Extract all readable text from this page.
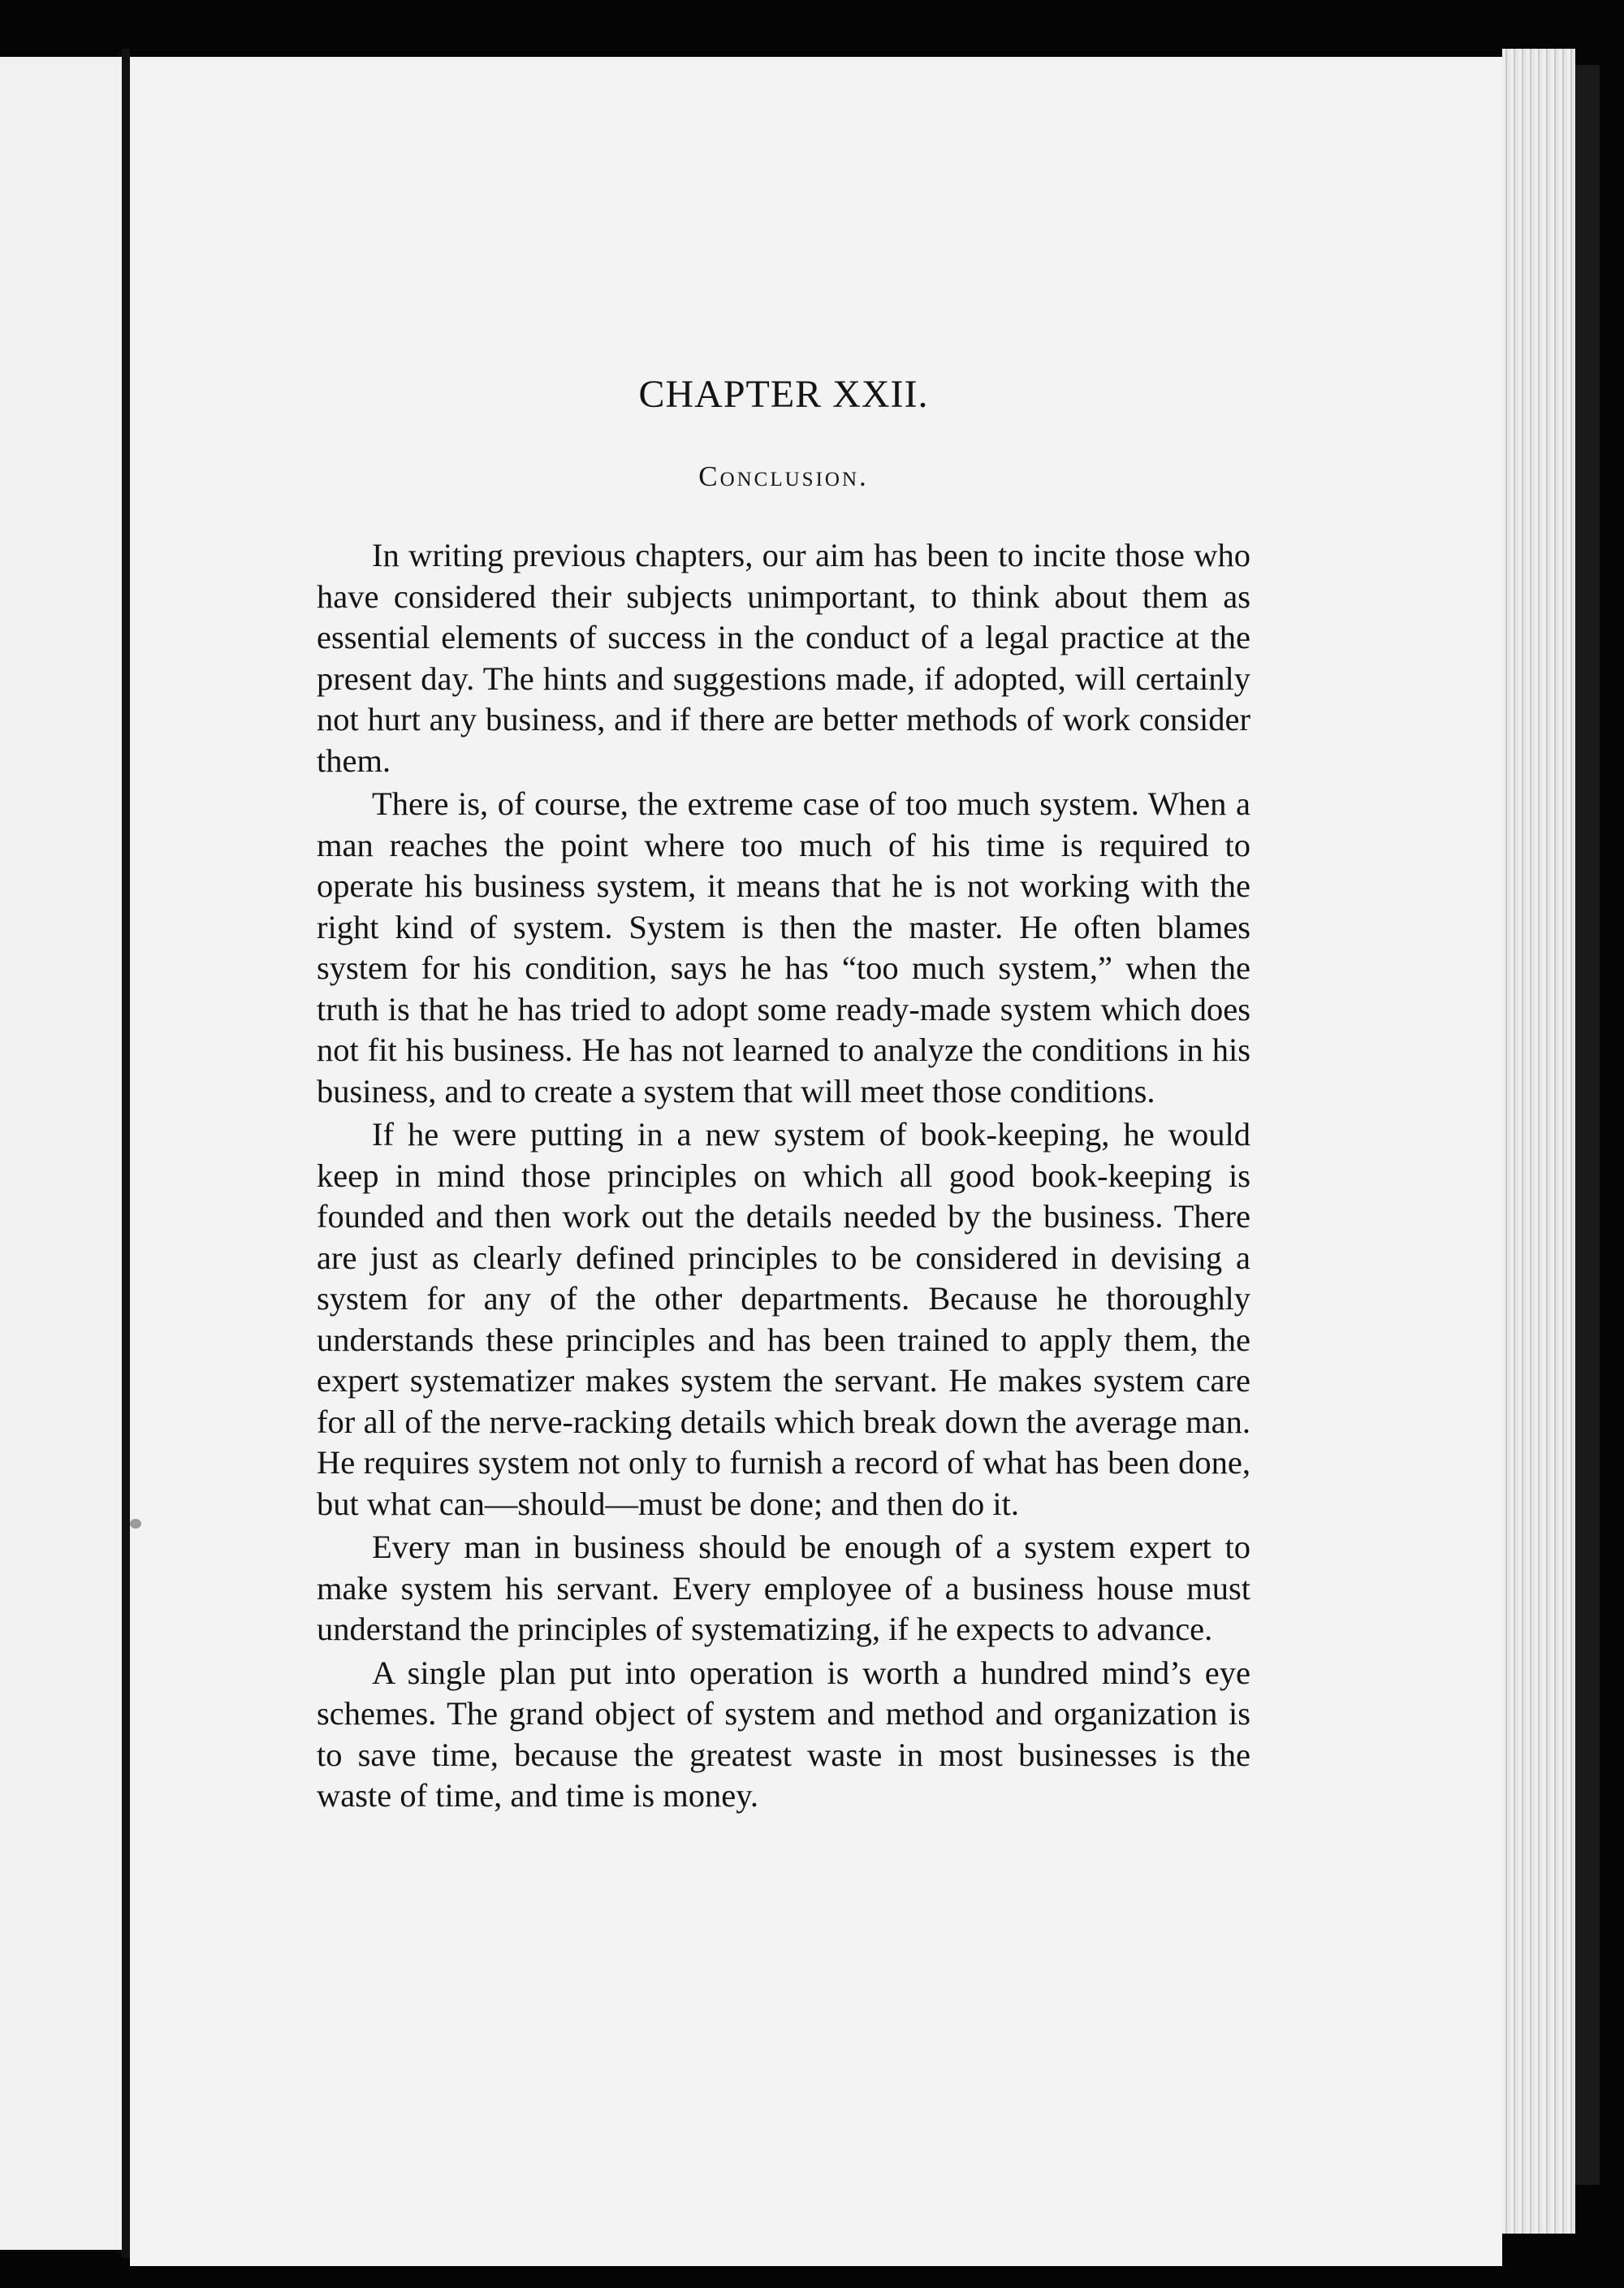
CHAPTER XXII.
Conclusion.

In writing previous chapters, our aim has been to incite those who have considered their subjects unimportant, to think about them as essential elements of success in the conduct of a legal practice at the present day. The hints and suggestions made, if adopted, will certainly not hurt any business, and if there are better methods of work consider them.

There is, of course, the extreme case of too much system. When a man reaches the point where too much of his time is required to operate his business system, it means that he is not working with the right kind of system. System is then the master. He often blames system for his condition, says he has “too much system,” when the truth is that he has tried to adopt some ready-made system which does not fit his business. He has not learned to analyze the conditions in his business, and to create a system that will meet those conditions.

If he were putting in a new system of book-keeping, he would keep in mind those principles on which all good book-keeping is founded and then work out the details needed by the business. There are just as clearly defined principles to be considered in devising a system for any of the other departments. Because he thoroughly understands these principles and has been trained to apply them, the expert systematizer makes system the servant. He makes system care for all of the nerve-racking details which break down the average man. He requires system not only to furnish a record of what has been done, but what can—should—must be done; and then do it.

Every man in business should be enough of a system expert to make system his servant. Every employee of a business house must understand the principles of systematizing, if he expects to advance.

A single plan put into operation is worth a hundred mind’s eye schemes. The grand object of system and method and organization is to save time, because the greatest waste in most businesses is the waste of time, and time is money.
